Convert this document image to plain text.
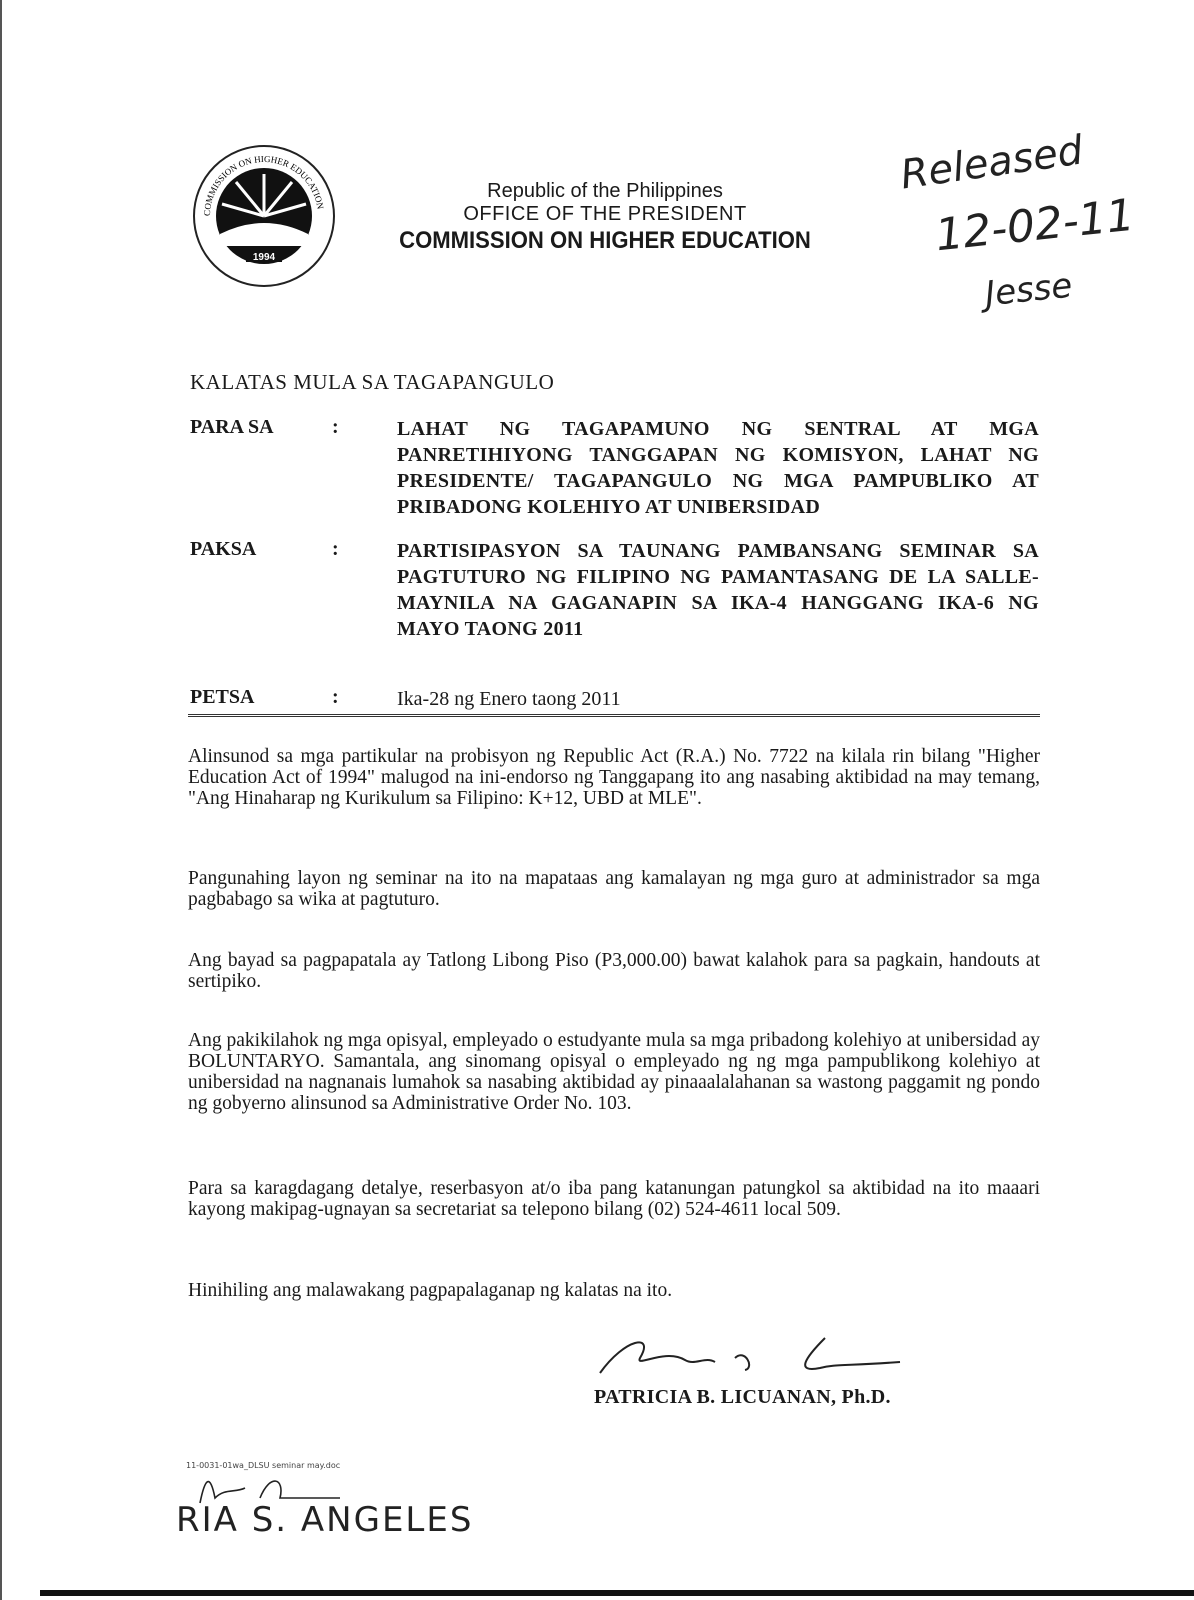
1994
COMMISSION ON HIGHER EDUCATION
Republic of the Philippines
OFFICE OF THE PRESIDENT
COMMISSION ON HIGHER EDUCATION
Released
12-02-11
Jesse
KALATAS MULA SA TAGAPANGULO
PARA SA	:	LAHAT NG TAGAPAMUNO NG SENTRAL AT MGA PANRETIHIYONG TANGGAPAN NG KOMISYON, LAHAT NG PRESIDENTE/ TAGAPANGULO NG MGA PAMPUBLIKO AT PRIBADONG KOLEHIYO AT UNIBERSIDAD
PAKSA	:	PARTISIPASYON SA TAUNANG PAMBANSANG SEMINAR SA PAGTUTURO NG FILIPINO NG PAMANTASANG DE LA SALLE- MAYNILA NA GAGANAPIN SA IKA-4 HANGGANG IKA-6 NG MAYO TAONG 2011
PETSA	:	Ika-28 ng Enero taong 2011
Alinsunod sa mga partikular na probisyon ng Republic Act (R.A.) No. 7722 na kilala rin bilang "Higher Education Act of 1994" malugod na ini-endorso ng Tanggapang ito ang nasabing aktibidad na may temang, "Ang Hinaharap ng Kurikulum sa Filipino: K+12, UBD at MLE".
Pangunahing layon ng seminar na ito na mapataas ang kamalayan ng mga guro at administrador sa mga pagbabago sa wika at pagtuturo.
Ang bayad sa pagpapatala ay Tatlong Libong Piso (P3,000.00) bawat kalahok para sa pagkain, handouts at sertipiko.
Ang pakikilahok ng mga opisyal, empleyado o estudyante mula sa mga pribadong kolehiyo at unibersidad ay BOLUNTARYO. Samantala, ang sinomang opisyal o empleyado ng ng mga pampublikong kolehiyo at unibersidad na nagnanais lumahok sa nasabing aktibidad ay pinaaalalahanan sa wastong paggamit ng pondo ng gobyerno alinsunod sa Administrative Order No. 103.
Para sa karagdagang detalye, reserbasyon at/o iba pang katanungan patungkol sa aktibidad na ito maaari kayong makipag-ugnayan sa secretariat sa telepono bilang (02) 524-4611 local 509.
Hinihiling ang malawakang pagpapalaganap ng kalatas na ito.
PATRICIA B. LICUANAN, Ph.D.
11-0031-01wa_DLSU seminar may.doc
RIA S. ANGELES
